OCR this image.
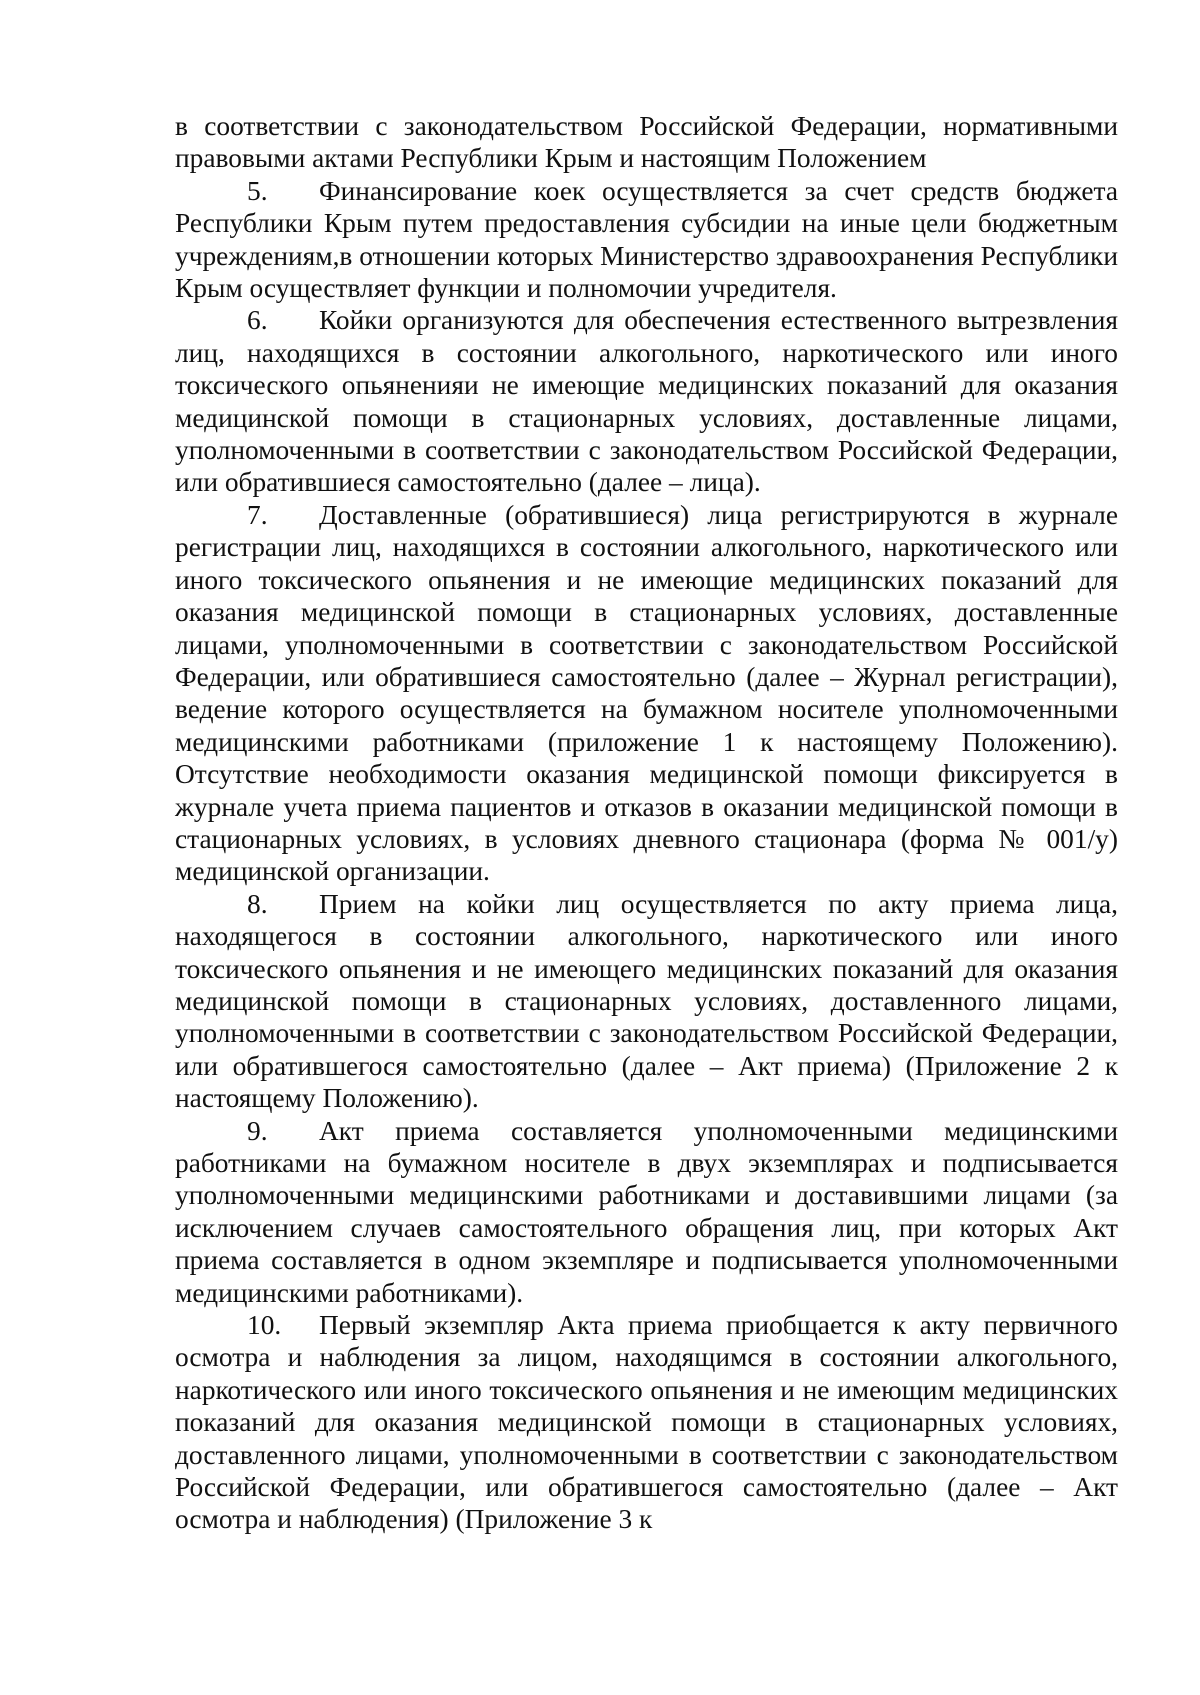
в соответствии с законодательством Российской Федерации, нормативными правовыми актами Республики Крым и настоящим Положением

5. Финансирование коек осуществляется за счет средств бюджета Республики Крым путем предоставления субсидии на иные цели бюджетным учреждениям,в отношении которых Министерство здравоохранения Республики Крым осуществляет функции и полномочии учредителя.

6. Койки организуются для обеспечения естественного вытрезвления лиц, находящихся в состоянии алкогольного, наркотического или иного токсического опьяненияи не имеющие медицинских показаний для оказания медицинской помощи в стационарных условиях, доставленные лицами, уполномоченными в соответствии с законодательством Российской Федерации, или обратившиеся самостоятельно (далее – лица).

7. Доставленные (обратившиеся) лица регистрируются в журнале регистрации лиц, находящихся в состоянии алкогольного, наркотического или иного токсического опьянения и не имеющие медицинских показаний для оказания медицинской помощи в стационарных условиях, доставленные лицами, уполномоченными в соответствии с законодательством Российской Федерации, или обратившиеся самостоятельно (далее – Журнал регистрации), ведение которого осуществляется на бумажном носителе уполномоченными медицинскими работниками (приложение 1 к настоящему Положению). Отсутствие необходимости оказания медицинской помощи фиксируется в журнале учета приема пациентов и отказов в оказании медицинской помощи в стационарных условиях, в условиях дневного стационара (форма № 001/у) медицинской организации.

8. Прием на койки лиц осуществляется по акту приема лица, находящегося в состоянии алкогольного, наркотического или иного токсического опьянения и не имеющего медицинских показаний для оказания медицинской помощи в стационарных условиях, доставленного лицами, уполномоченными в соответствии с законодательством Российской Федерации, или обратившегося самостоятельно (далее – Акт приема) (Приложение 2 к настоящему Положению).

9. Акт приема составляется уполномоченными медицинскими работниками на бумажном носителе в двух экземплярах и подписывается уполномоченными медицинскими работниками и доставившими лицами (за исключением случаев самостоятельного обращения лиц, при которых Акт приема составляется в одном экземпляре и подписывается уполномоченными медицинскими работниками).

10. Первый экземпляр Акта приема приобщается к акту первичного осмотра и наблюдения за лицом, находящимся в состоянии алкогольного, наркотического или иного токсического опьянения и не имеющим медицинских показаний для оказания медицинской помощи в стационарных условиях, доставленного лицами, уполномоченными в соответствии с законодательством Российской Федерации, или обратившегося самостоятельно (далее – Акт осмотра и наблюдения) (Приложение 3 к
